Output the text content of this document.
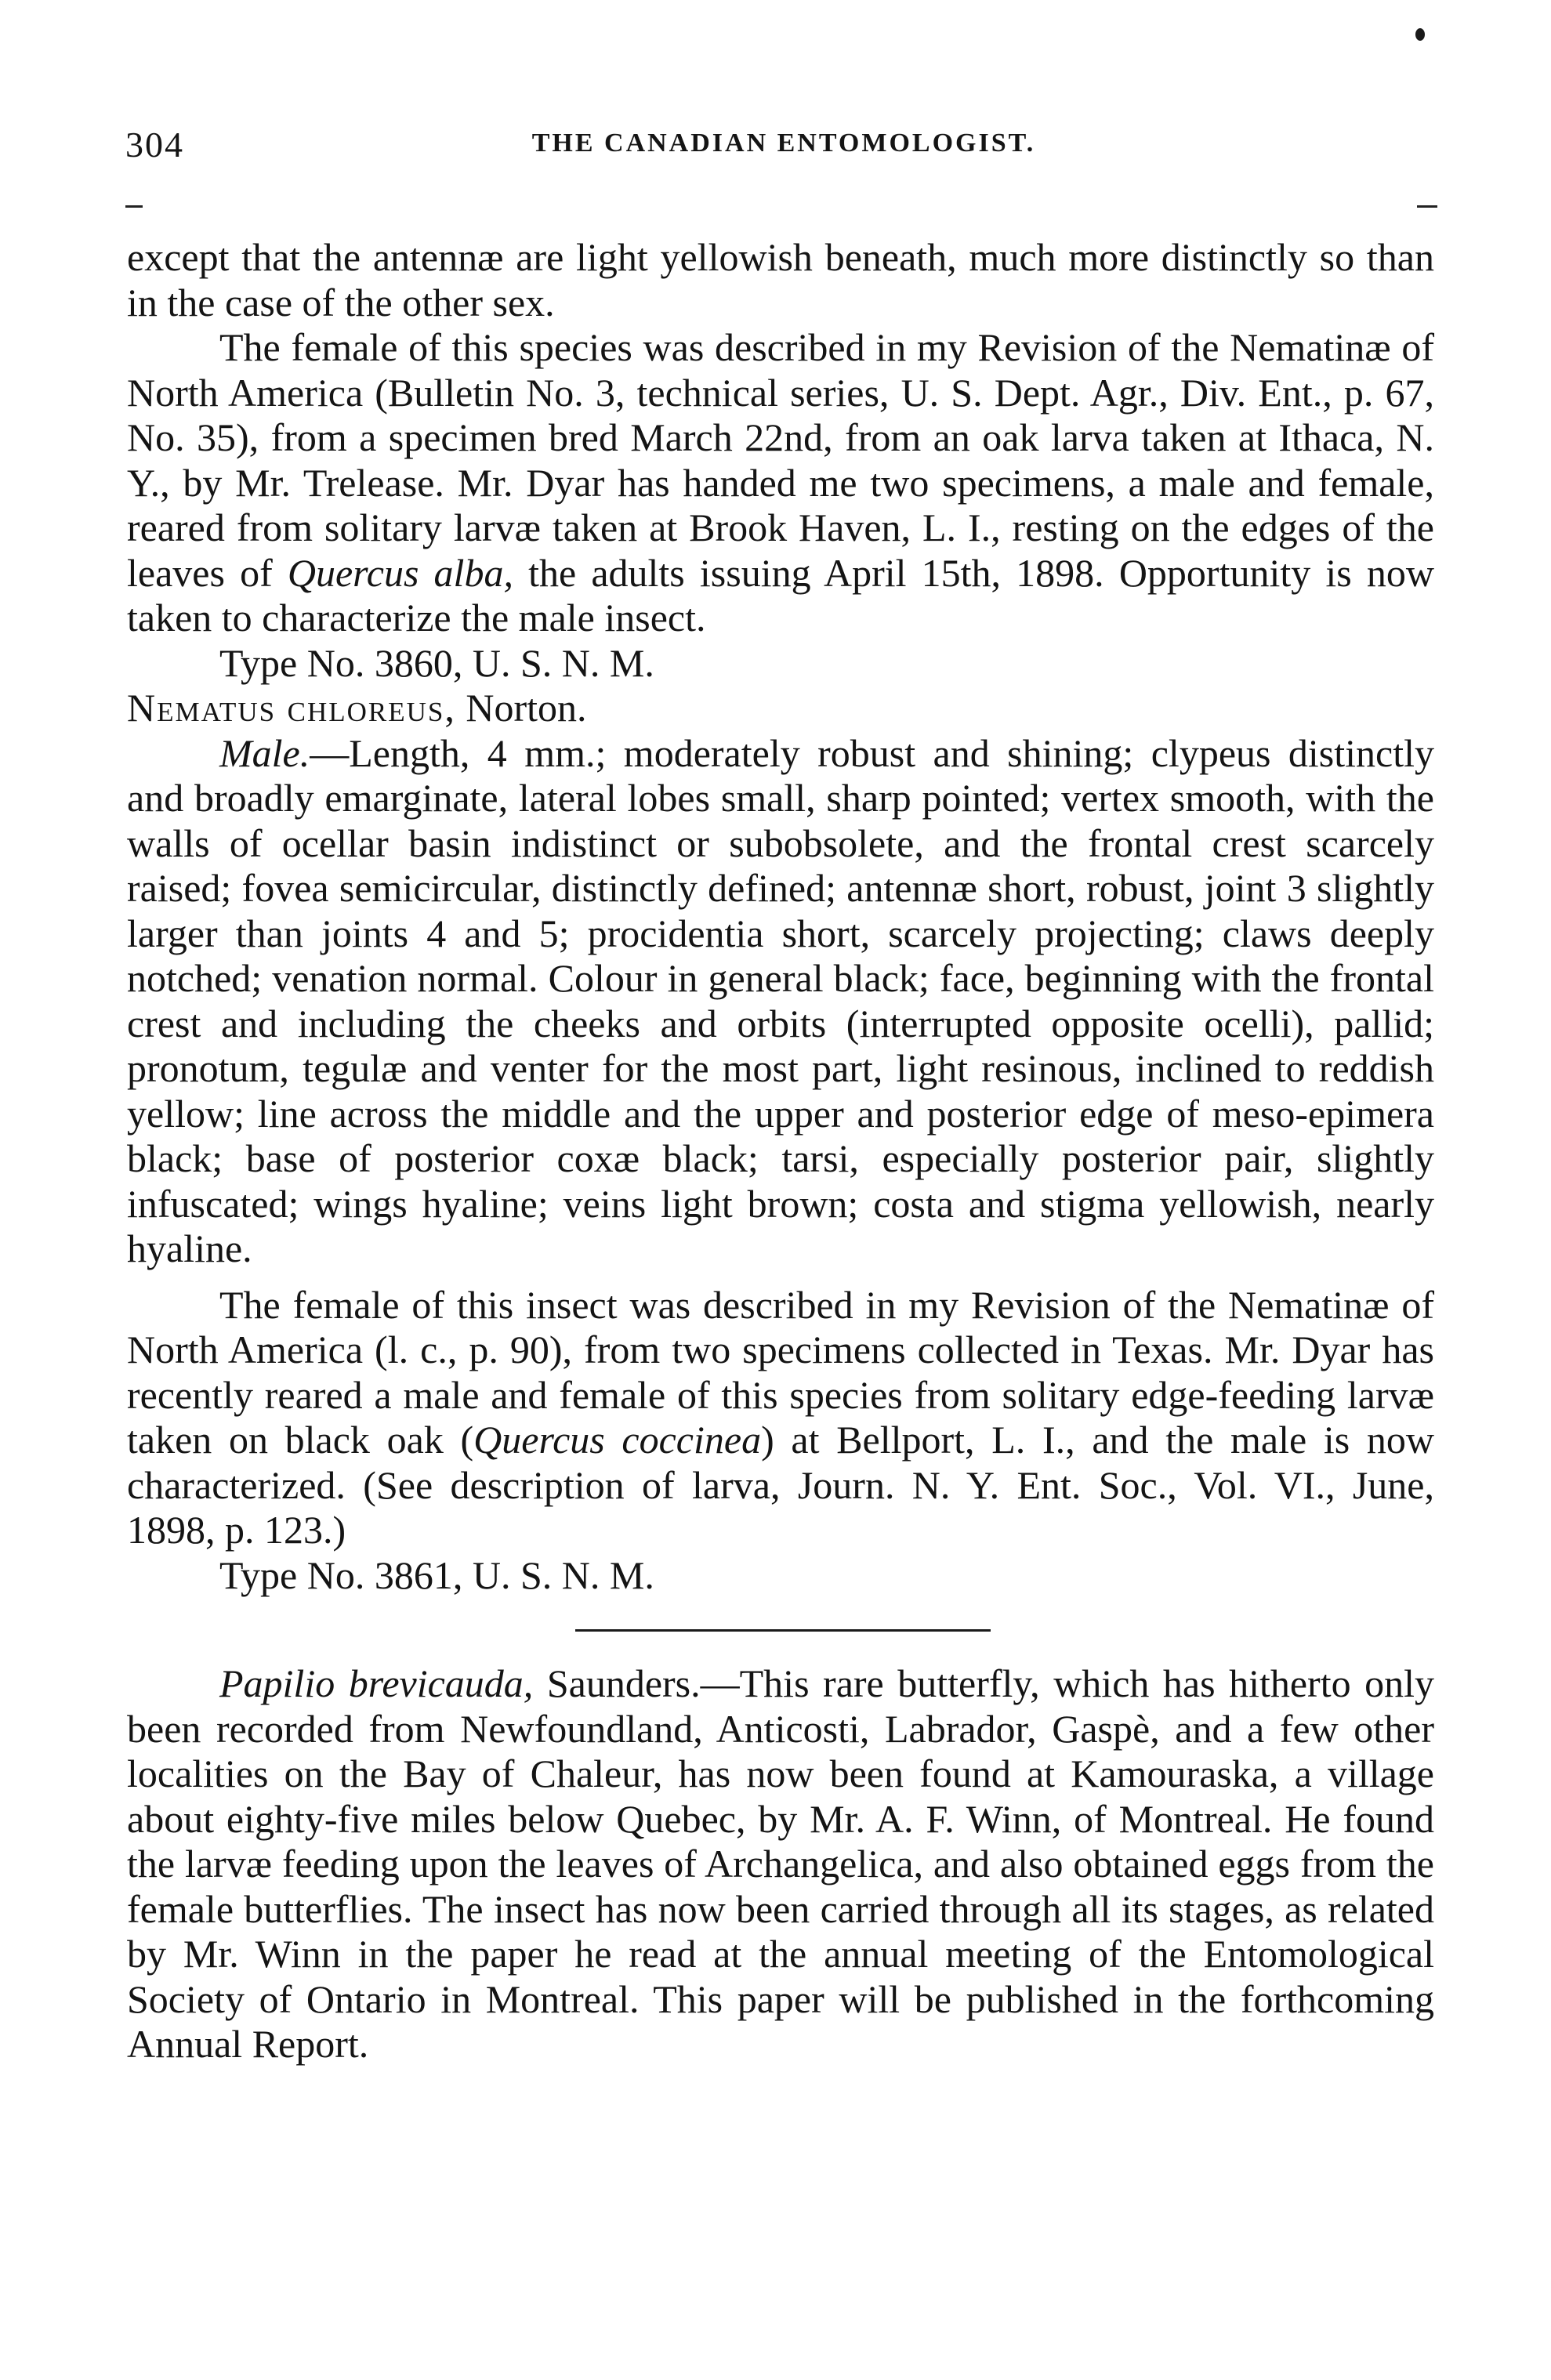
304	THE CANADIAN ENTOMOLOGIST.

except that the antennæ are light yellowish beneath, much more distinctly so than in the case of the other sex.

The female of this species was described in my Revision of the Nematinæ of North America (Bulletin No. 3, technical series, U. S. Dept. Agr., Div. Ent., p. 67, No. 35), from a specimen bred March 22nd, from an oak larva taken at Ithaca, N. Y., by Mr. Trelease. Mr. Dyar has handed me two specimens, a male and female, reared from solitary larvæ taken at Brook Haven, L. I., resting on the edges of the leaves of Quercus alba, the adults issuing April 15th, 1898. Opportunity is now taken to characterize the male insect.

Type No. 3860, U. S. N. M.

Nematus chloreus, Norton.

Male.—Length, 4 mm.; moderately robust and shining; clypeus distinctly and broadly emarginate, lateral lobes small, sharp pointed; vertex smooth, with the walls of ocellar basin indistinct or subobsolete, and the frontal crest scarcely raised; fovea semicircular, distinctly defined; antennæ short, robust, joint 3 slightly larger than joints 4 and 5; procidentia short, scarcely projecting; claws deeply notched; venation normal. Colour in general black; face, beginning with the frontal crest and including the cheeks and orbits (interrupted opposite ocelli), pallid; pronotum, tegulæ and venter for the most part, light resinous, inclined to reddish yellow; line across the middle and the upper and posterior edge of meso-epimera black; base of posterior coxæ black; tarsi, especially posterior pair, slightly infuscated; wings hyaline; veins light brown; costa and stigma yellowish, nearly hyaline.

The female of this insect was described in my Revision of the Nematinæ of North America (l. c., p. 90), from two specimens collected in Texas. Mr. Dyar has recently reared a male and female of this species from solitary edge-feeding larvæ taken on black oak (Quercus coccinea) at Bellport, L. I., and the male is now characterized. (See description of larva, Journ. N. Y. Ent. Soc., Vol. VI., June, 1898, p. 123.)

Type No. 3861, U. S. N. M.

Papilio brevicauda, Saunders.—This rare butterfly, which has hitherto only been recorded from Newfoundland, Anticosti, Labrador, Gaspè, and a few other localities on the Bay of Chaleur, has now been found at Kamouraska, a village about eighty-five miles below Quebec, by Mr. A. F. Winn, of Montreal. He found the larvæ feeding upon the leaves of Archangelica, and also obtained eggs from the female butterflies. The insect has now been carried through all its stages, as related by Mr. Winn in the paper he read at the annual meeting of the Entomological Society of Ontario in Montreal. This paper will be published in the forthcoming Annual Report.
